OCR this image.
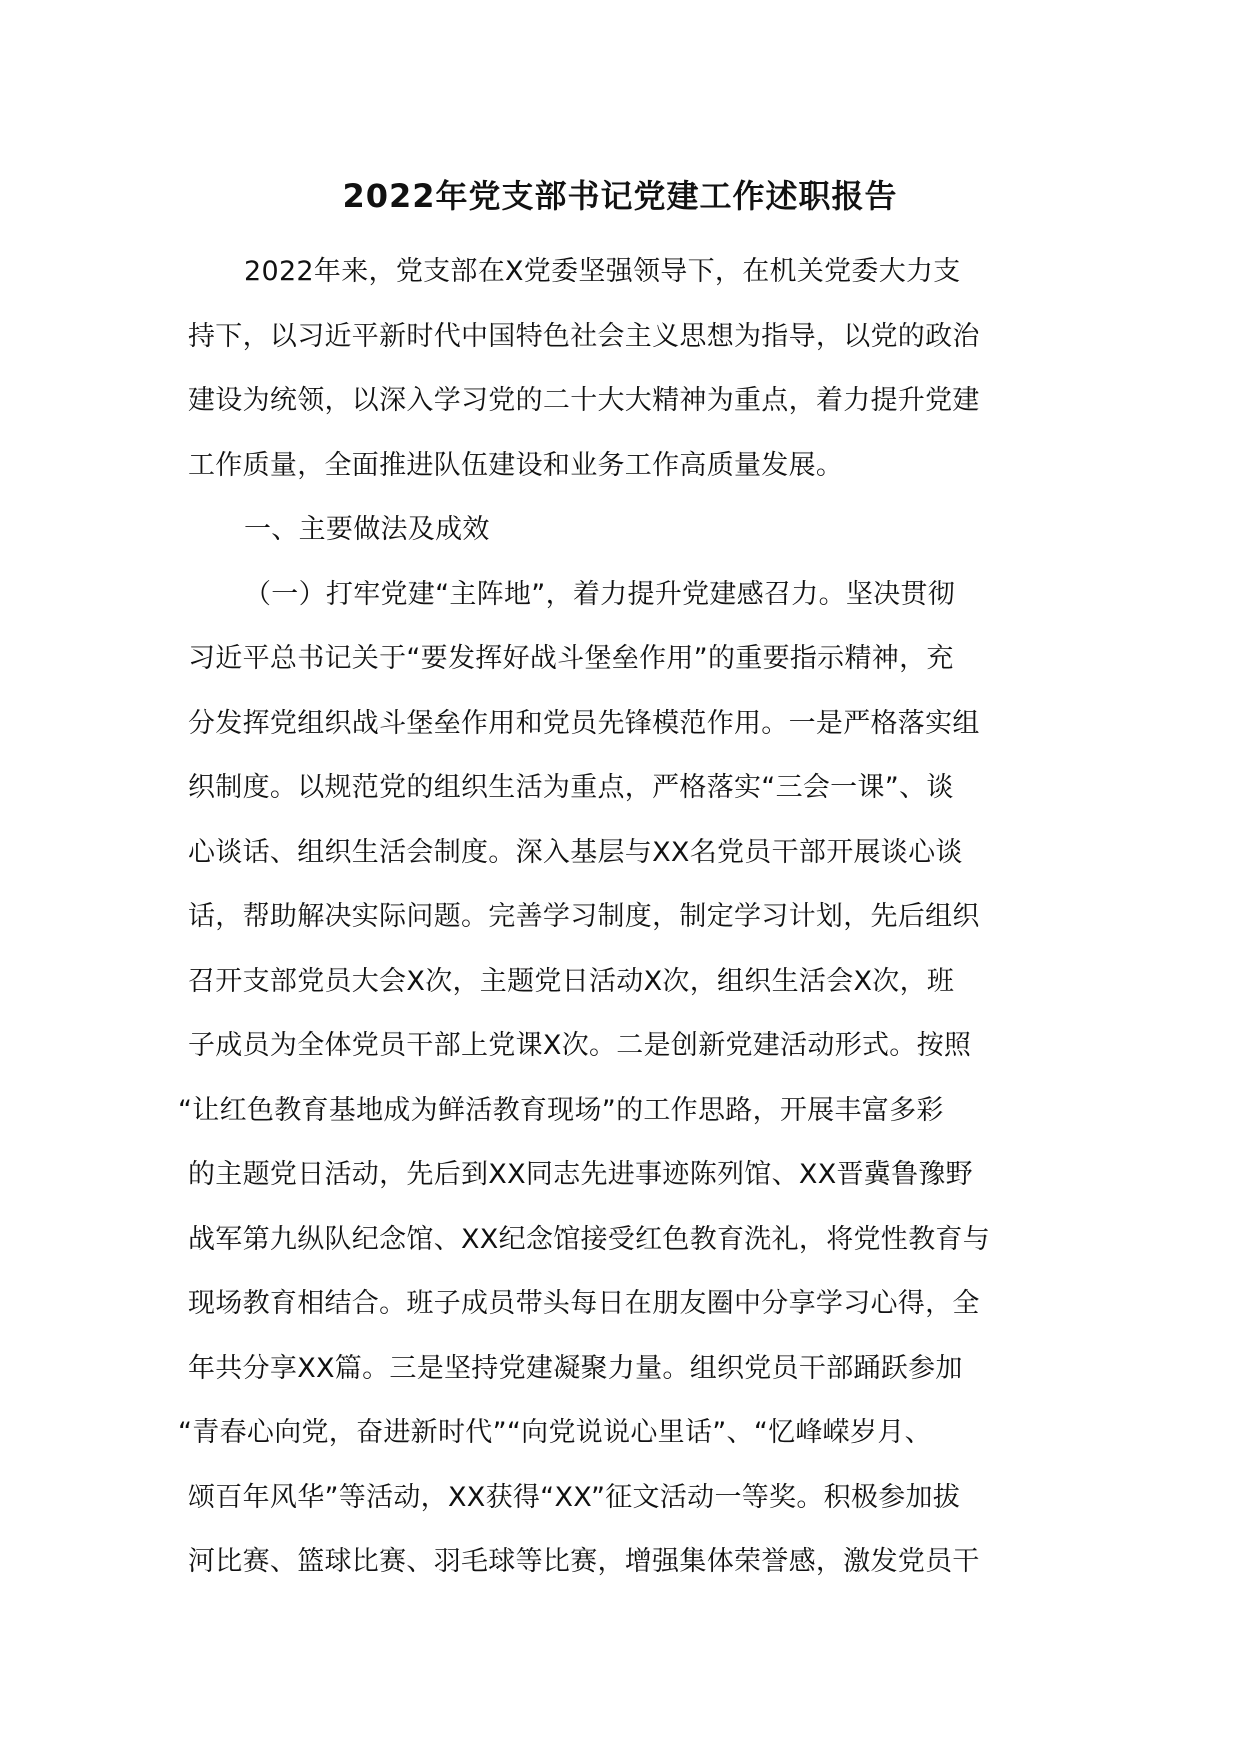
2022年党支部书记党建工作述职报告
2022年来，党支部在X党委坚强领导下，在机关党委大力支
持下，以习近平新时代中国特色社会主义思想为指导，以党的政治
建设为统领，以深入学习党的二十大大精神为重点，着力提升党建
工作质量，全面推进队伍建设和业务工作高质量发展。
一、主要做法及成效
（一）打牢党建“主阵地”，着力提升党建感召力。坚决贯彻
习近平总书记关于“要发挥好战斗堡垒作用”的重要指示精神，充
分发挥党组织战斗堡垒作用和党员先锋模范作用。一是严格落实组
织制度。以规范党的组织生活为重点，严格落实“三会一课”、谈
心谈话、组织生活会制度。深入基层与XX名党员干部开展谈心谈
话，帮助解决实际问题。完善学习制度，制定学习计划，先后组织
召开支部党员大会X次，主题党日活动X次，组织生活会X次，班
子成员为全体党员干部上党课X次。二是创新党建活动形式。按照
“让红色教育基地成为鲜活教育现场”的工作思路，开展丰富多彩
的主题党日活动，先后到XX同志先进事迹陈列馆、XX晋冀鲁豫野
战军第九纵队纪念馆、XX纪念馆接受红色教育洗礼，将党性教育与
现场教育相结合。班子成员带头每日在朋友圈中分享学习心得，全
年共分享XX篇。三是坚持党建凝聚力量。组织党员干部踊跃参加
“青春心向党，奋进新时代”“向党说说心里话”、“忆峰嵘岁月、
颂百年风华”等活动，XX获得“XX”征文活动一等奖。积极参加拔
河比赛、篮球比赛、羽毛球等比赛，增强集体荣誉感，激发党员干
